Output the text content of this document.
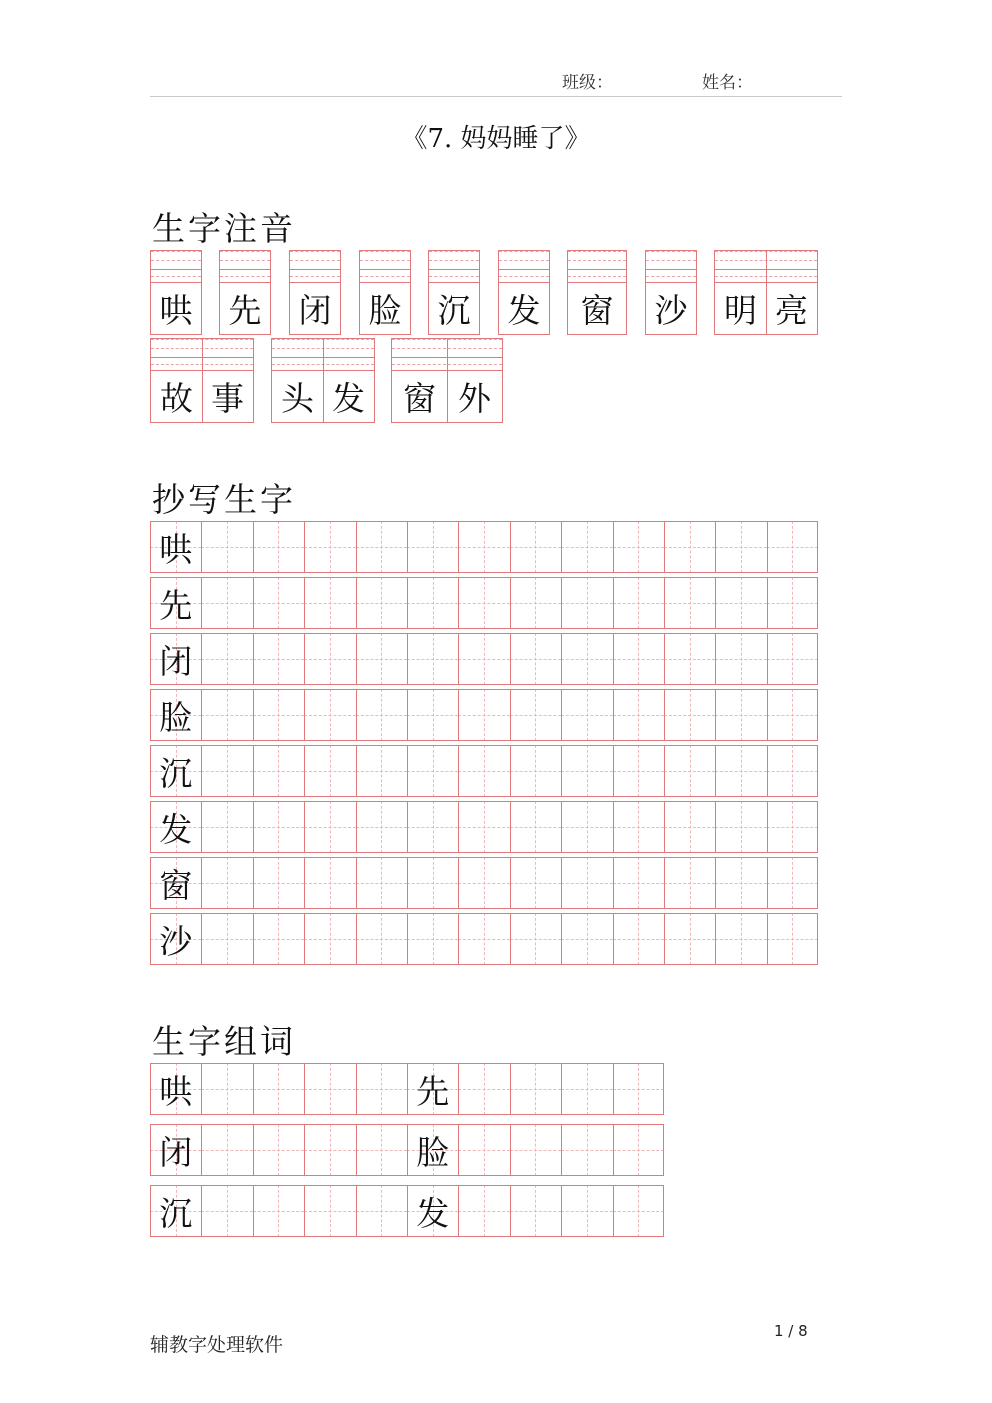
班级：	姓名：
《7. 妈妈睡了》
生字注音
抄写生字
生字组词
哄 先 闭 脸 沉 发	窗	沙 明 亮
故 事 头 发	窗 外
哄
先
闭
脸
沉
发
窗
沙
哄	先
闭	脸
沉	发
辅教字处理软件
1 / 8
